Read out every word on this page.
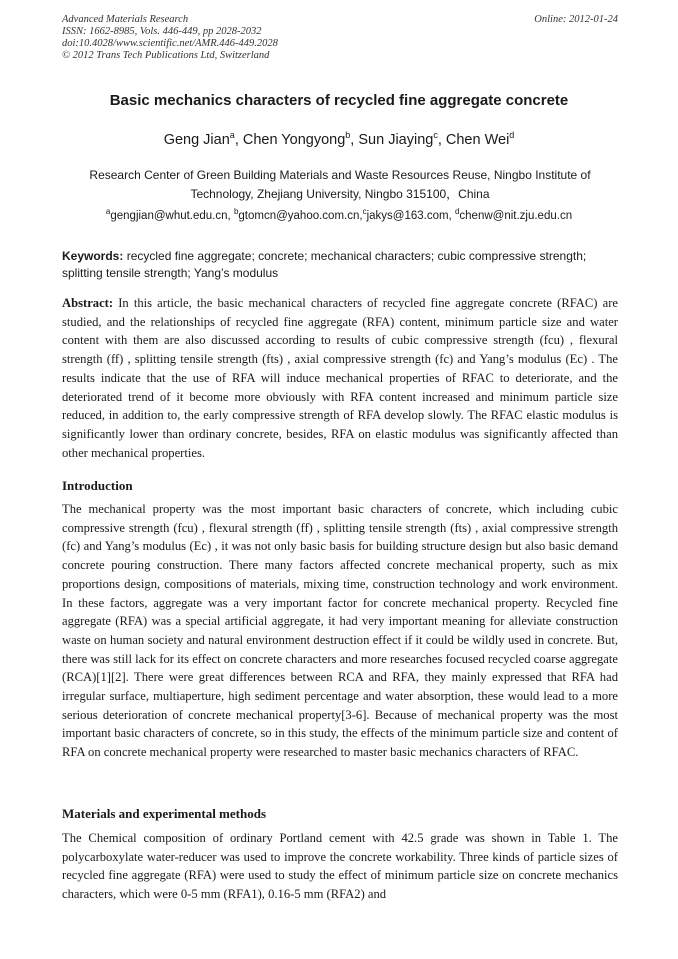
Advanced Materials Research
ISSN: 1662-8985, Vols. 446-449, pp 2028-2032
doi:10.4028/www.scientific.net/AMR.446-449.2028
© 2012 Trans Tech Publications Ltd, Switzerland
Online: 2012-01-24
Basic mechanics characters of recycled fine aggregate concrete
Geng Jian$^a$, Chen Yongyong$^b$, Sun Jiaying$^c$, Chen Wei$^d$
Research Center of Green Building Materials and Waste Resources Reuse, Ningbo Institute of
Technology, Zhejiang University, Ningbo 315100，China
$^a$gengjian@whut.edu.cn, $^b$gtomcn@yahoo.com.cn,$^c$jakys@163.com, $^d$chenw@nit.zju.edu.cn
Keywords: recycled fine aggregate; concrete; mechanical characters; cubic compressive strength; splitting tensile strength; Yang’s modulus
Abstract: In this article, the basic mechanical characters of recycled fine aggregate concrete (RFAC) are studied, and the relationships of recycled fine aggregate (RFA) content, minimum particle size and water content with them are also discussed according to results of cubic compressive strength (fcu) , flexural strength (ff) , splitting tensile strength (fts) , axial compressive strength (fc) and Yang’s modulus (Ec) . The results indicate that the use of RFA will induce mechanical properties of RFAC to deteriorate, and the deteriorated trend of it become more obviously with RFA content increased and minimum particle size reduced, in addition to, the early compressive strength of RFA develop slowly. The RFAC elastic modulus is significantly lower than ordinary concrete, besides, RFA on elastic modulus was significantly affected than other mechanical properties.
Introduction
The mechanical property was the most important basic characters of concrete, which including cubic compressive strength (fcu) , flexural strength (ff) , splitting tensile strength (fts) , axial compressive strength (fc) and Yang’s modulus (Ec) , it was not only basic basis for building structure design but also basic demand concrete pouring construction. There many factors affected concrete mechanical property, such as mix proportions design, compositions of materials, mixing time, construction technology and work environment. In these factors, aggregate was a very important factor for concrete mechanical property. Recycled fine aggregate (RFA) was a special artificial aggregate, it had very important meaning for alleviate construction waste on human society and natural environment destruction effect if it could be wildly used in concrete. But, there was still lack for its effect on concrete characters and more researches focused recycled coarse aggregate (RCA)[1][2]. There were great differences between RCA and RFA, they mainly expressed that RFA had irregular surface, multiaperture, high sediment percentage and water absorption, these would lead to a more serious deterioration of concrete mechanical property[3-6]. Because of mechanical property was the most important basic characters of concrete, so in this study, the effects of the minimum particle size and content of RFA on concrete mechanical property were researched to master basic mechanics characters of RFAC.
Materials and experimental methods
The Chemical composition of ordinary Portland cement with 42.5 grade was shown in Table 1. The polycarboxylate water-reducer was used to improve the concrete workability. Three kinds of particle sizes of recycled fine aggregate (RFA) were used to study the effect of minimum particle size on concrete mechanics characters, which were 0-5 mm (RFA1), 0.16-5 mm (RFA2) and
